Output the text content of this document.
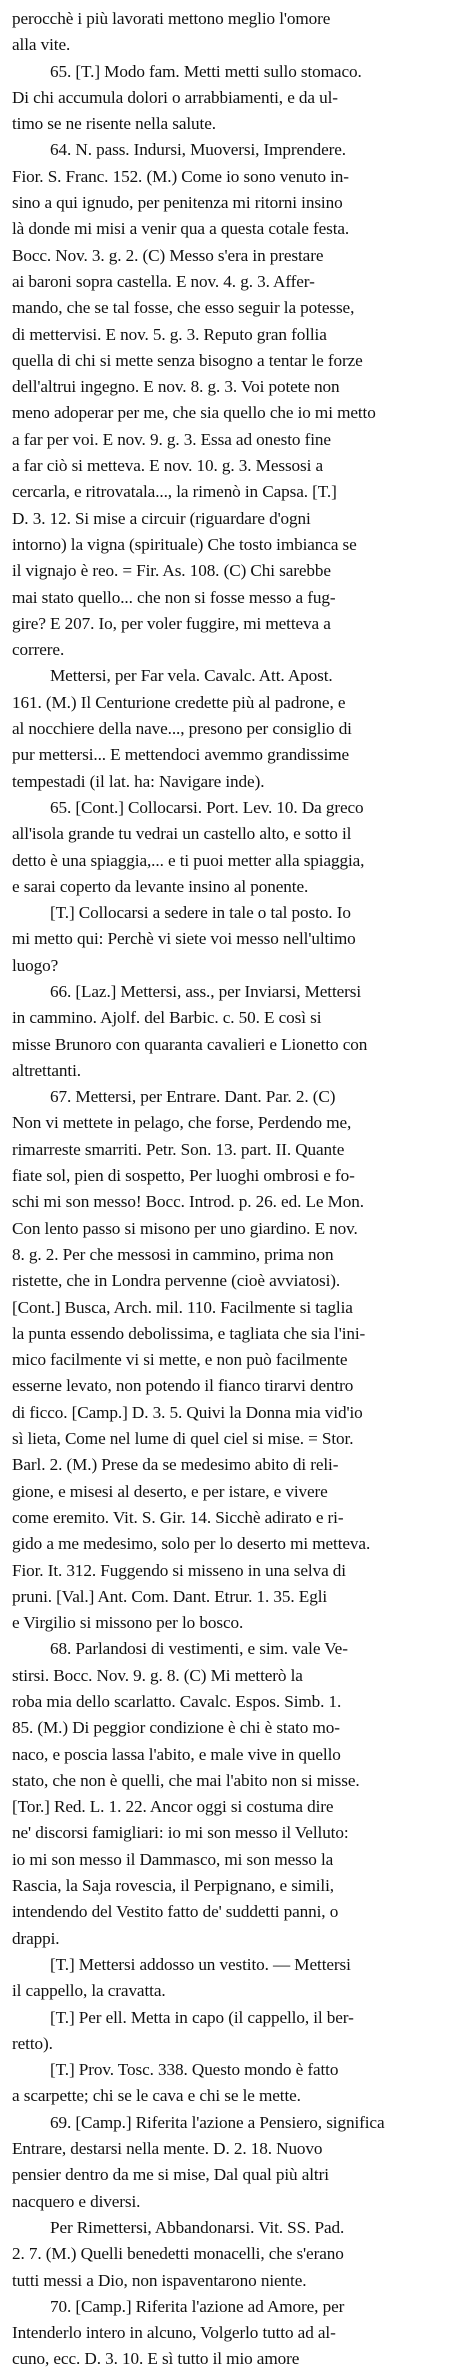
perocchè i più lavorati mettono meglio l'omore
alla vite.
65. [T.] Modo fam. Metti metti sullo stomaco.
Di chi accumula dolori o arrabbiamenti, e da ul-
timo se ne risente nella salute.
64. N. pass. Indursi, Muoversi, Imprendere.
Fior. S. Franc. 152. (M.) Come io sono venuto in-
sino a qui ignudo, per penitenza mi ritorni insino
là donde mi misi a venir qua a questa cotale festa.
Bocc. Nov. 3. g. 2. (C) Messo s'era in prestare
ai baroni sopra castella. E nov. 4. g. 3. Affer-
mando, che se tal fosse, che esso seguir la potesse,
di mettervisi. E nov. 5. g. 3. Reputo gran follia
quella di chi si mette senza bisogno a tentar le forze
dell'altrui ingegno. E nov. 8. g. 3. Voi potete non
meno adoperar per me, che sia quello che io mi metto
a far per voi. E nov. 9. g. 3. Essa ad onesto fine
a far ciò si metteva. E nov. 10. g. 3. Messosi a
cercarla, e ritrovatala..., la rimenò in Capsa. [T.]
D. 3. 12. Si mise a circuir (riguardare d'ogni
intorno) la vigna (spirituale) Che tosto imbianca se
il vignajo è reo. = Fir. As. 108. (C) Chi sarebbe
mai stato quello... che non si fosse messo a fug-
gire? E 207. Io, per voler fuggire, mi metteva a
correre.
Mettersi, per Far vela. Cavalc. Att. Apost.
161. (M.) Il Centurione credette più al padrone, e
al nocchiere della nave..., presono per consiglio di
pur mettersi... E mettendoci avemmo grandissime
tempestadi (il lat. ha: Navigare inde).
65. [Cont.] Collocarsi. Port. Lev. 10. Da greco
all'isola grande tu vedrai un castello alto, e sotto il
detto è una spiaggia,... e ti puoi metter alla spiaggia,
e sarai coperto da levante insino al ponente.
[T.] Collocarsi a sedere in tale o tal posto. Io
mi metto qui: Perchè vi siete voi messo nell'ultimo
luogo?
66. [Laz.] Mettersi, ass., per Inviarsi, Mettersi
in cammino. Ajolf. del Barbic. c. 50. E così si
misse Brunoro con quaranta cavalieri e Lionetto con
altrettanti.
67. Mettersi, per Entrare. Dant. Par. 2. (C)
Non vi mettete in pelago, che forse, Perdendo me,
rimarreste smarriti. Petr. Son. 13. part. II. Quante
fiate sol, pien di sospetto, Per luoghi ombrosi e fo-
schi mi son messo! Bocc. Introd. p. 26. ed. Le Mon.
Con lento passo si misono per uno giardino. E nov.
8. g. 2. Per che messosi in cammino, prima non
ristette, che in Londra pervenne (cioè avviatosi).
[Cont.] Busca, Arch. mil. 110. Facilmente si taglia
la punta essendo debolissima, e tagliata che sia l'ini-
mico facilmente vi si mette, e non può facilmente
esserne levato, non potendo il fianco tirarvi dentro
di ficco. [Camp.] D. 3. 5. Quivi la Donna mia vid'io
sì lieta, Come nel lume di quel ciel si mise. = Stor.
Barl. 2. (M.) Prese da se medesimo abito di reli-
gione, e misesi al deserto, e per istare, e vivere
come eremito. Vit. S. Gir. 14. Sicchè adirato e ri-
gido a me medesimo, solo per lo deserto mi metteva.
Fior. It. 312. Fuggendo si misseno in una selva di
pruni. [Val.] Ant. Com. Dant. Etrur. 1. 35. Egli
e Virgilio si missono per lo bosco.
68. Parlandosi di vestimenti, e sim. vale Ve-
stirsi. Bocc. Nov. 9. g. 8. (C) Mi metterò la
roba mia dello scarlatto. Cavalc. Espos. Simb. 1.
85. (M.) Di peggior condizione è chi è stato mo-
naco, e poscia lassa l'abito, e male vive in quello
stato, che non è quelli, che mai l'abito non si misse.
[Tor.] Red. L. 1. 22. Ancor oggi si costuma dire
ne' discorsi famigliari: io mi son messo il Velluto:
io mi son messo il Dammasco, mi son messo la
Rascia, la Saja rovescia, il Perpignano, e simili,
intendendo del Vestito fatto de' suddetti panni, o
drappi.
[T.] Mettersi addosso un vestito. — Mettersi
il cappello, la cravatta.
[T.] Per ell. Metta in capo (il cappello, il ber-
retto).
[T.] Prov. Tosc. 338. Questo mondo è fatto
a scarpette; chi se le cava e chi se le mette.
69. [Camp.] Riferita l'azione a Pensiero, significa
Entrare, destarsi nella mente. D. 2. 18. Nuovo
pensier dentro da me si mise, Dal qual più altri
nacquero e diversi.
Per Rimettersi, Abbandonarsi. Vit. SS. Pad.
2. 7. (M.) Quelli benedetti monacelli, che s'erano
tutti messi a Dio, non ispaventarono niente.
70. [Camp.] Riferita l'azione ad Amore, per
Intenderlo intero in alcuno, Volgerlo tutto ad al-
cuno, ecc. D. 3. 10. E sì tutto il mio amore
